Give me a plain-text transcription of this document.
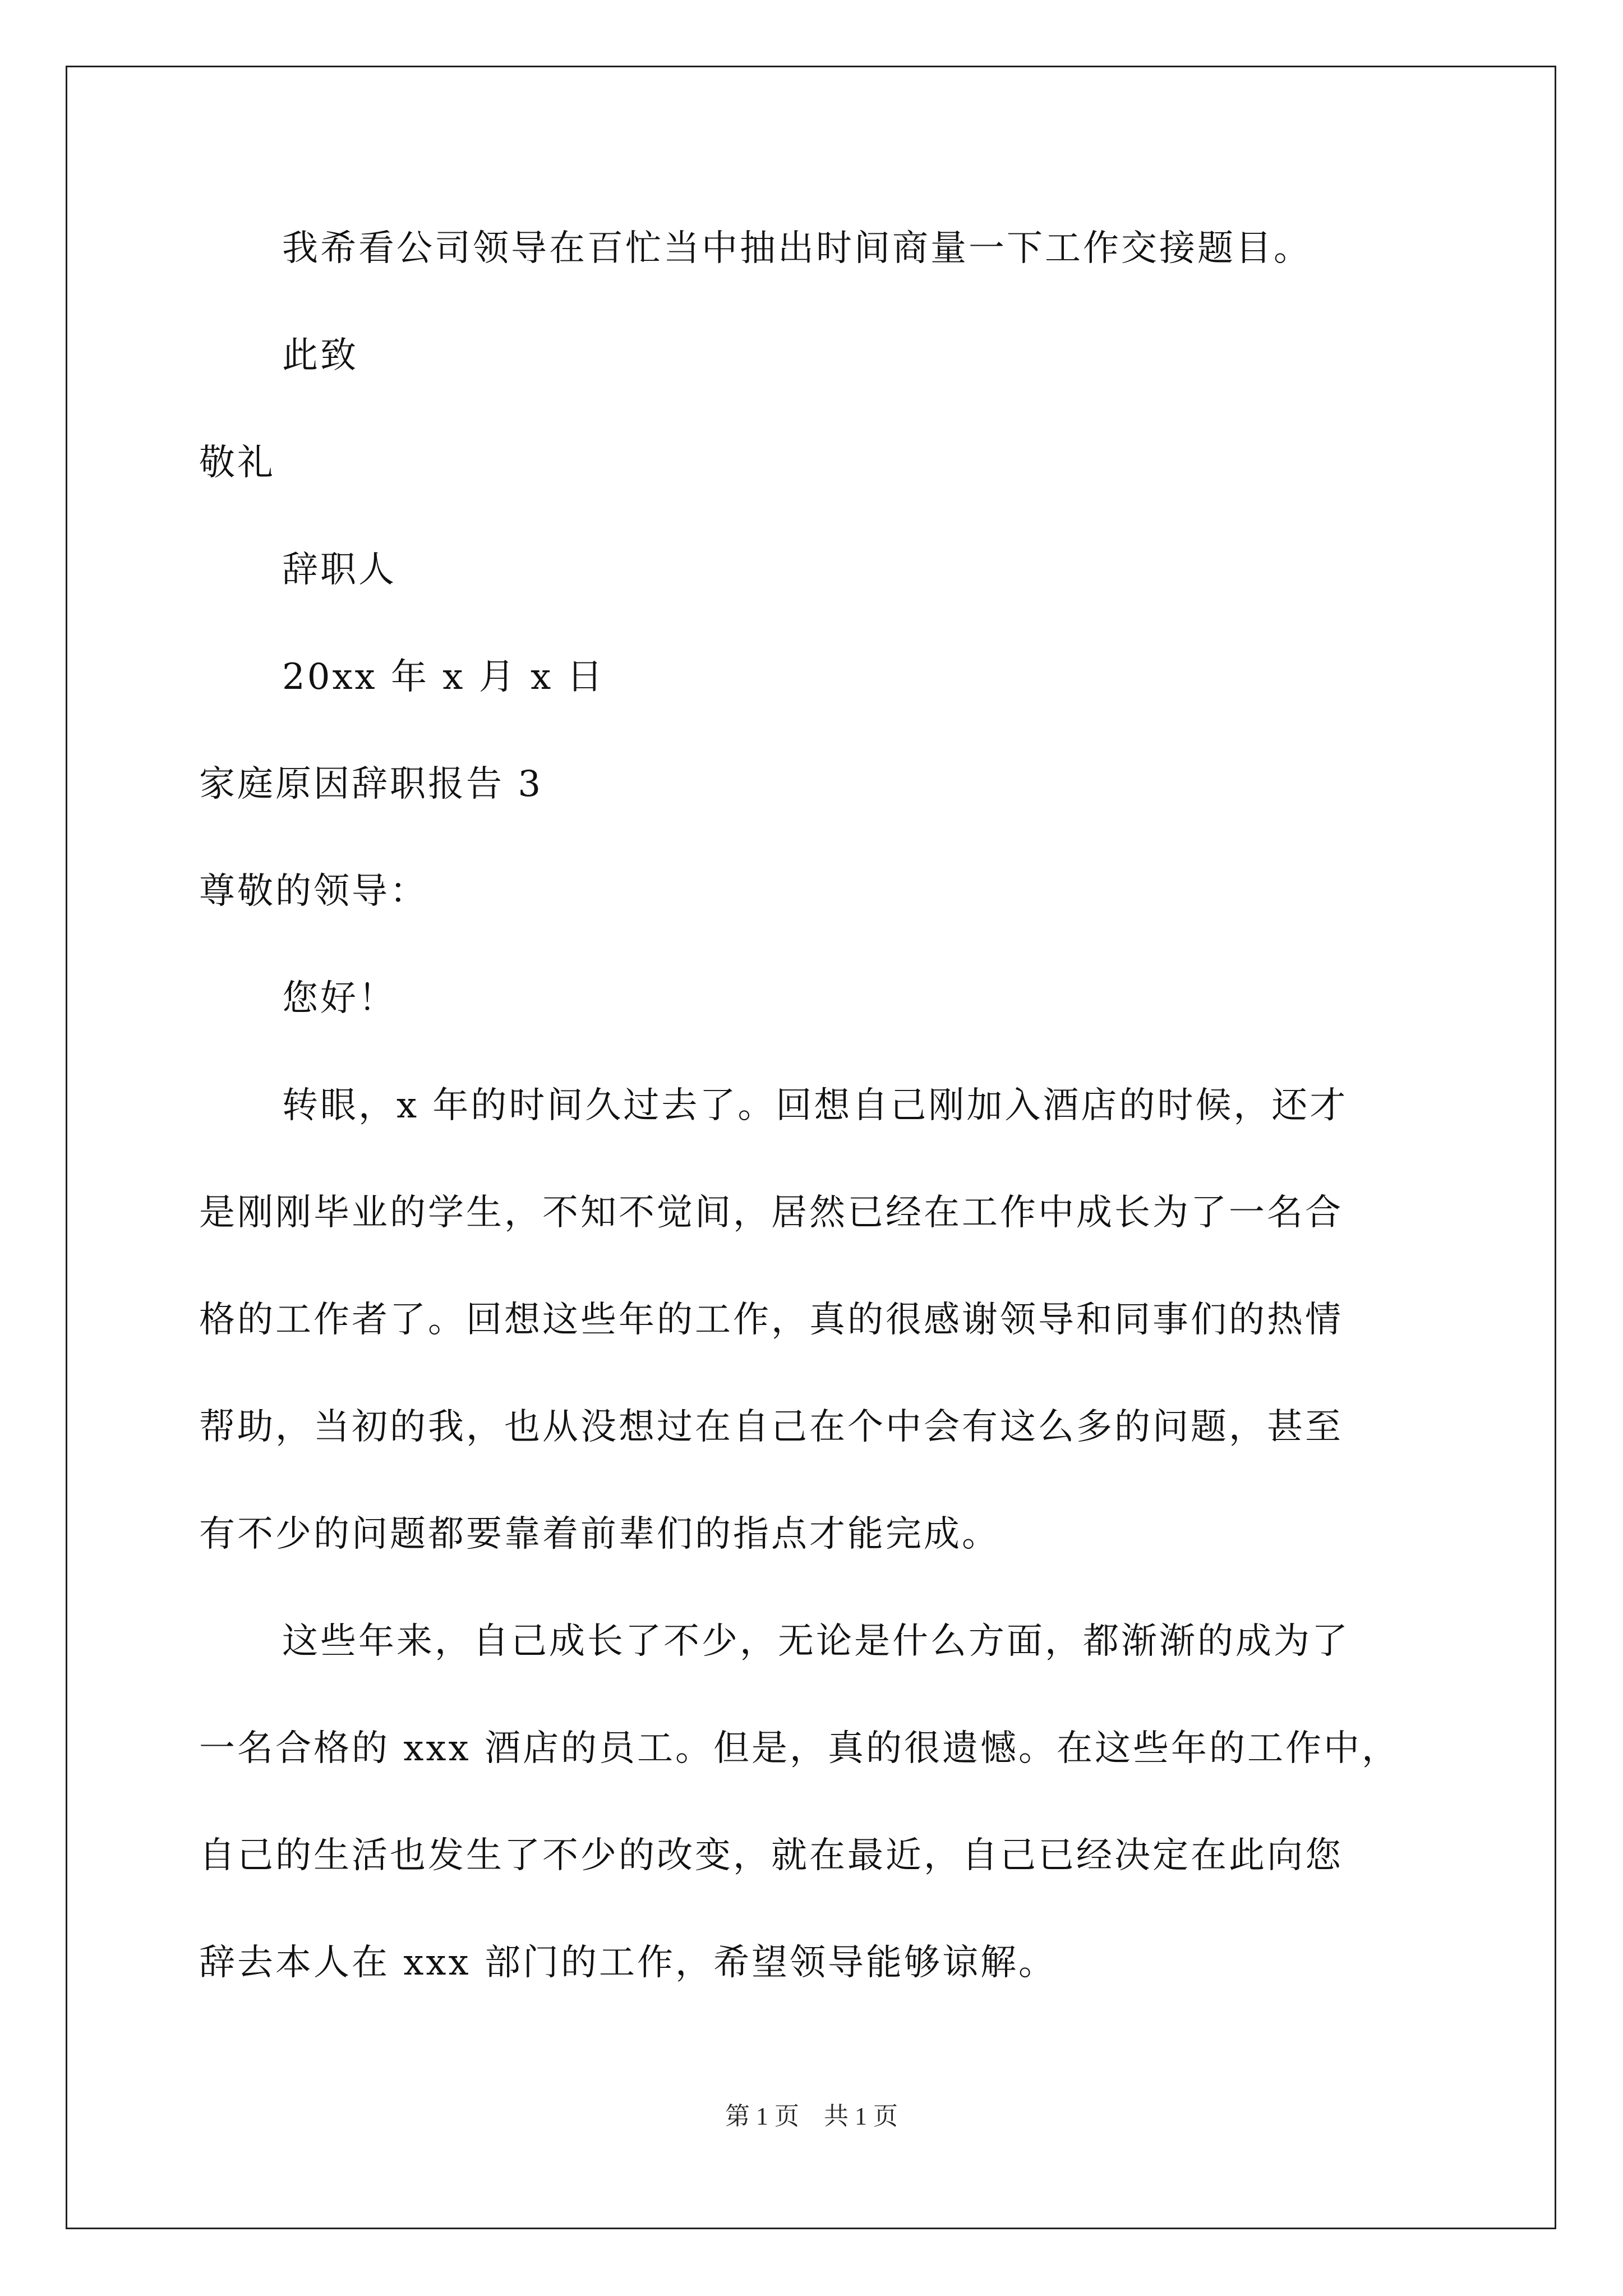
我希看公司领导在百忙当中抽出时间商量一下工作交接题目。
此致
敬礼
辞职人
20xx 年 x 月 x 日
家庭原因辞职报告 3
尊敬的领导：
您好！
转眼，x 年的时间久过去了。回想自己刚加入酒店的时候，还才
是刚刚毕业的学生，不知不觉间，居然已经在工作中成长为了一名合
格的工作者了。回想这些年的工作，真的很感谢领导和同事们的热情
帮助，当初的我，也从没想过在自己在个中会有这么多的问题，甚至
有不少的问题都要靠着前辈们的指点才能完成。
这些年来，自己成长了不少，无论是什么方面，都渐渐的成为了
一名合格的 xxx 酒店的员工。但是，真的很遗憾。在这些年的工作中，
自己的生活也发生了不少的改变，就在最近，自己已经决定在此向您
辞去本人在 xxx 部门的工作，希望领导能够谅解。
第 1 页　共 1 页
